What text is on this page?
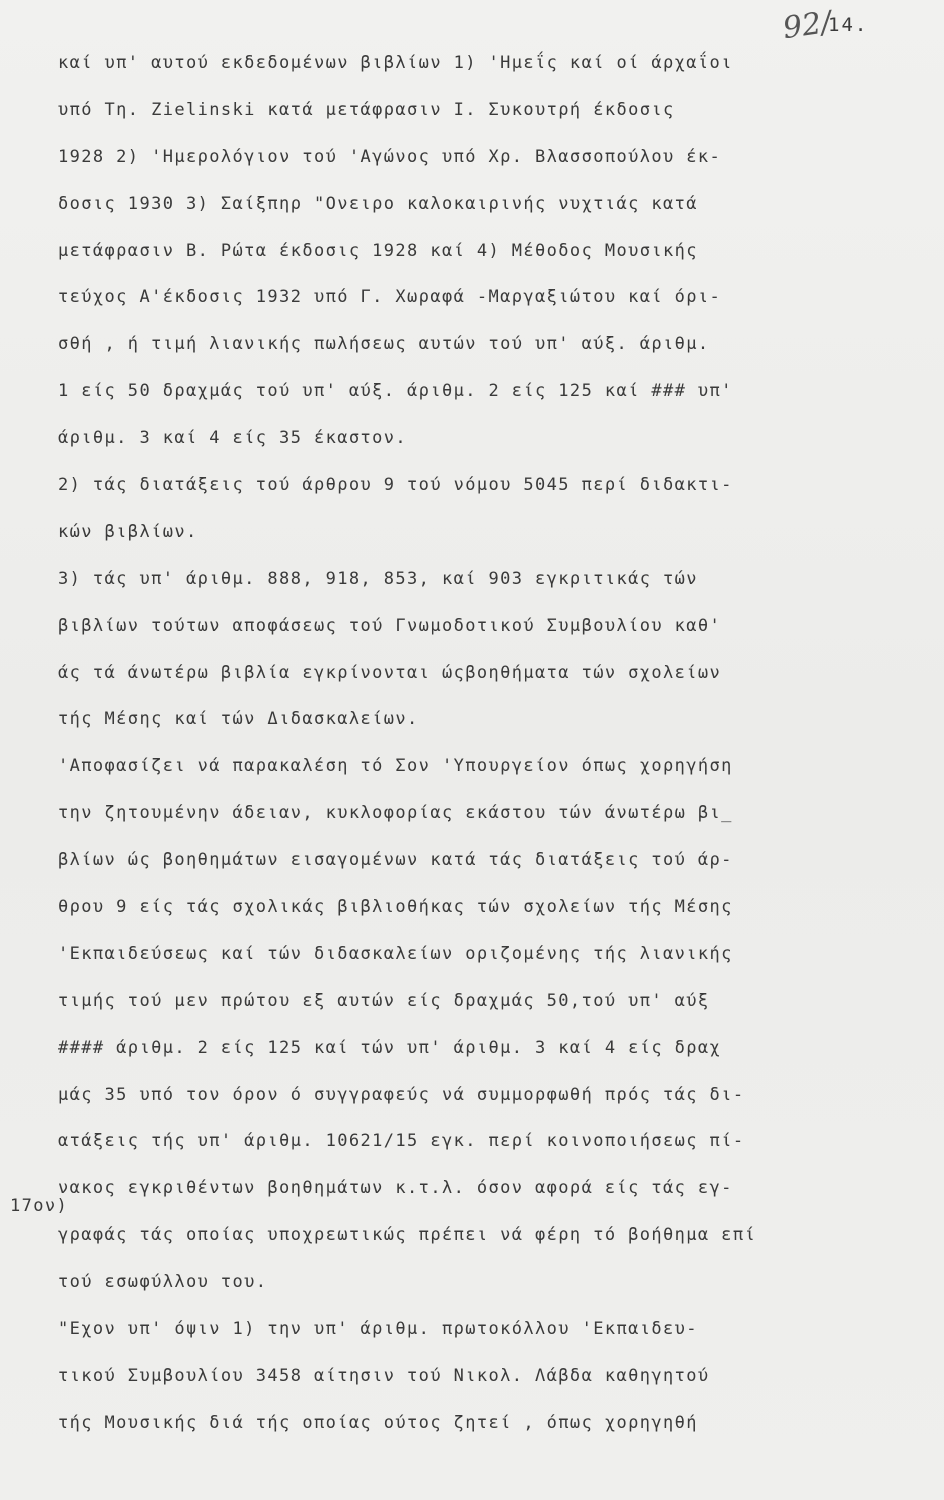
92/
14.
17ον)
καί υπ' αυτού εκδεδομένων βιβλίων 1) 'Ημεΐς καί οί άρχαΐοι
υπό Τη. Zielinski κατά μετάφρασιν Ι. Συκουτρή έκδοσις
1928 2) 'Ημερολόγιον τού 'Αγώνος υπό Χρ. Βλασσοπούλου έκ-
δοσις 1930 3) Σαίξπηρ "Ονειρο καλοκαιρινής νυχτιάς κατά
μετάφρασιν Β. Ρώτα έκδοσις 1928 καί 4) Μέθοδος Μουσικής
τεύχος Α'έκδοσις 1932 υπό Γ. Χωραφά -Μαργαξιώτου καί όρι-
σθή , ή τιμή λιανικής πωλήσεως αυτών τού υπ' αύξ. άριθμ.
1 είς 50 δραχμάς τού υπ' αύξ. άριθμ. 2 είς 125 καί ### υπ'
άριθμ. 3 καί 4 είς 35 έκαστον.
2) τάς διατάξεις τού άρθρου 9 τού νόμου 5045 περί διδακτι-
κών βιβλίων.
3) τάς υπ' άριθμ. 888, 918, 853, καί 903 εγκριτικάς τών
βιβλίων τούτων αποφάσεως τού Γνωμοδοτικού Συμβουλίου καθ'
άς τά άνωτέρω βιβλία εγκρίνονται ώςβοηθήματα τών σχολείων
τής Μέσης καί τών Διδασκαλείων.
'Αποφασίζει νά παρακαλέση τό Σον 'Υπουργείον όπως χορηγήση
την ζητουμένην άδειαν, κυκλοφορίας εκάστου τών άνωτέρω βι_
βλίων ώς βοηθημάτων εισαγομένων κατά τάς διατάξεις τού άρ-
θρου 9 είς τάς σχολικάς βιβλιοθήκας τών σχολείων τής Μέσης
'Εκπαιδεύσεως καί τών διδασκαλείων οριζομένης τής λιανικής
τιμής τού μεν πρώτου εξ αυτών είς δραχμάς 50,τού υπ' αύξ
#### άριθμ. 2 είς 125 καί τών υπ' άριθμ. 3 καί 4 είς δραχ
μάς 35 υπό τον όρον ό συγγραφεύς νά συμμορφωθή πρός τάς δι-
ατάξεις τής υπ' άριθμ. 10621/15 εγκ. περί κοινοποιήσεως πί-
νακος εγκριθέντων βοηθημάτων κ.τ.λ. όσον αφορά είς τάς εγ-
γραφάς τάς οποίας υποχρεωτικώς πρέπει νά φέρη τό βοήθημα επί
τού εσωφύλλου του.
"Εχον υπ' όψιν 1) την υπ' άριθμ. πρωτοκόλλου 'Εκπαιδευ-
τικού Συμβουλίου 3458 αίτησιν τού Νικολ. Λάβδα καθηγητού
τής Μουσικής διά τής οποίας ούτος ζητεί , όπως χορηγηθή
